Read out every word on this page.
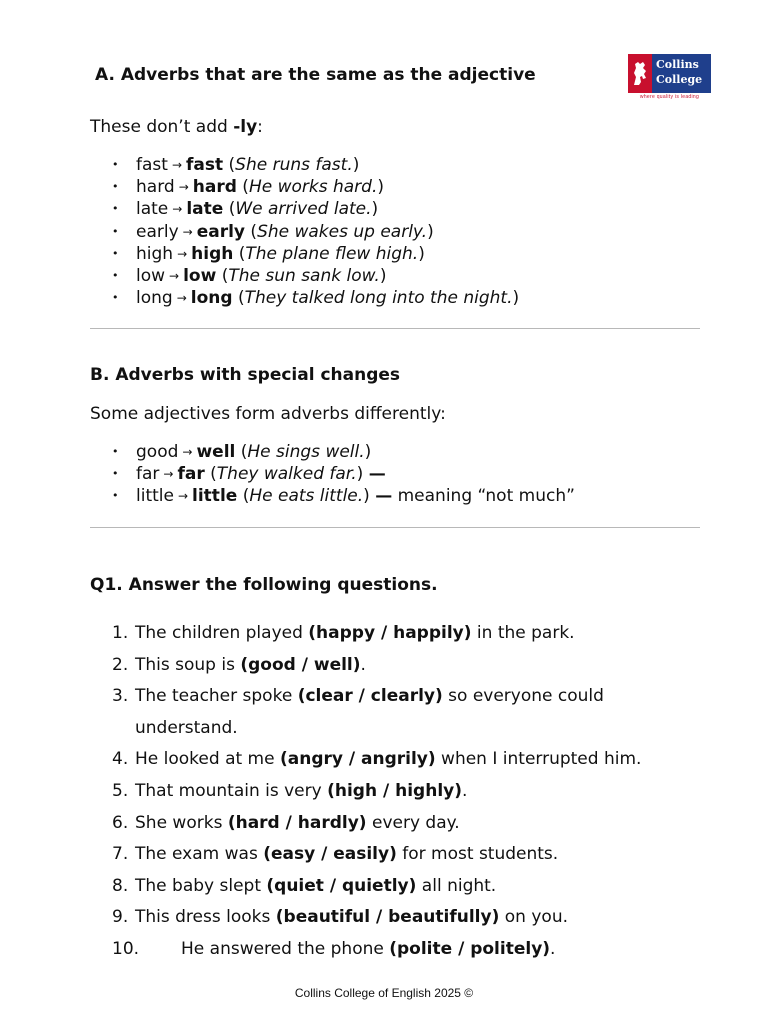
Collins
College
where quality is leading
A. Adverbs that are the same as the adjective

These don’t add -ly:

• fast → fast (She runs fast.)
• hard → hard (He works hard.)
• late → late (We arrived late.)
• early → early (She wakes up early.)
• high → high (The plane flew high.)
• low → low (The sun sank low.)
• long → long (They talked long into the night.)
B. Adverbs with special changes

Some adjectives form adverbs differently:

• good → well (He sings well.)
• far → far (They walked far.) —
• little → little (He eats little.) — meaning “not much”
Q1. Answer the following questions.
1. The children played (happy / happily) in the park.
2. This soup is (good / well).
3. The teacher spoke (clear / clearly) so everyone could understand.
4. He looked at me (angry / angrily) when I interrupted him.
5. That mountain is very (high / highly).
6. She works (hard / hardly) every day.
7. The exam was (easy / easily) for most students.
8. The baby slept (quiet / quietly) all night.
9. This dress looks (beautiful / beautifully) on you.
10. He answered the phone (polite / politely).
Collins College of English 2025 ©
